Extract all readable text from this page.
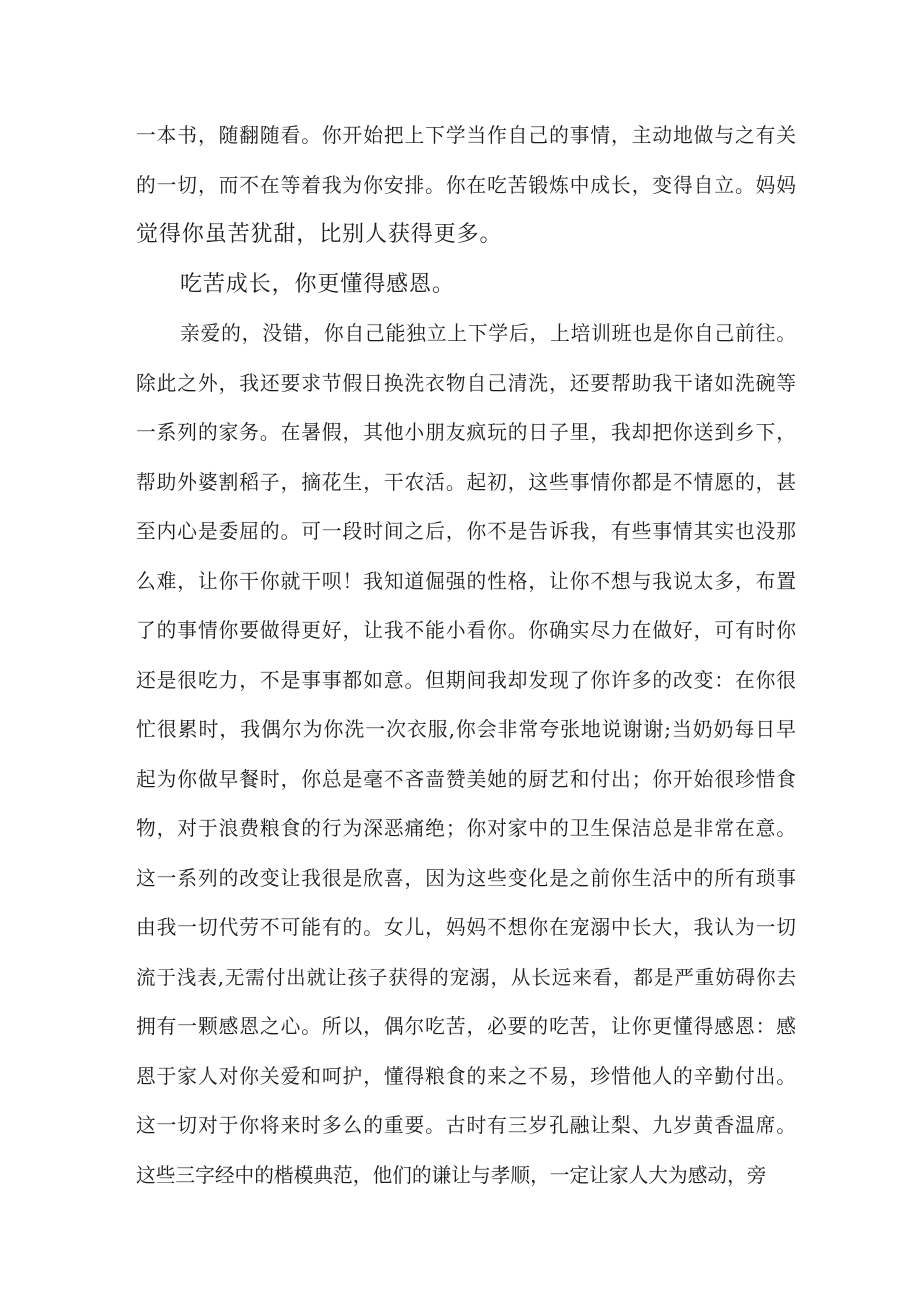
一本书，随翻随看。你开始把上下学当作自己的事情，主动地做与之有关
的一切，而不在等着我为你安排。你在吃苦锻炼中成长，变得自立。妈妈
觉得你虽苦犹甜，比别人获得更多。
吃苦成长，你更懂得感恩。
亲爱的，没错，你自己能独立上下学后，上培训班也是你自己前往。
除此之外，我还要求节假日换洗衣物自己清洗，还要帮助我干诸如洗碗等
一系列的家务。在暑假，其他小朋友疯玩的日子里，我却把你送到乡下，
帮助外婆割稻子，摘花生，干农活。起初，这些事情你都是不情愿的，甚
至内心是委屈的。可一段时间之后，你不是告诉我，有些事情其实也没那
么难，让你干你就干呗！我知道倔强的性格，让你不想与我说太多，布置
了的事情你要做得更好，让我不能小看你。你确实尽力在做好，可有时你
还是很吃力，不是事事都如意。但期间我却发现了你许多的改变：在你很
忙很累时，我偶尔为你洗一次衣服,你会非常夸张地说谢谢;当奶奶每日早
起为你做早餐时，你总是毫不吝啬赞美她的厨艺和付出；你开始很珍惜食
物，对于浪费粮食的行为深恶痛绝；你对家中的卫生保洁总是非常在意。
这一系列的改变让我很是欣喜，因为这些变化是之前你生活中的所有琐事
由我一切代劳不可能有的。女儿，妈妈不想你在宠溺中长大，我认为一切
流于浅表,无需付出就让孩子获得的宠溺，从长远来看，都是严重妨碍你去
拥有一颗感恩之心。所以，偶尔吃苦，必要的吃苦，让你更懂得感恩：感
恩于家人对你关爱和呵护，懂得粮食的来之不易，珍惜他人的辛勤付出。
这一切对于你将来时多么的重要。古时有三岁孔融让梨、九岁黄香温席。
这些三字经中的楷模典范，他们的谦让与孝顺，一定让家人大为感动，旁
